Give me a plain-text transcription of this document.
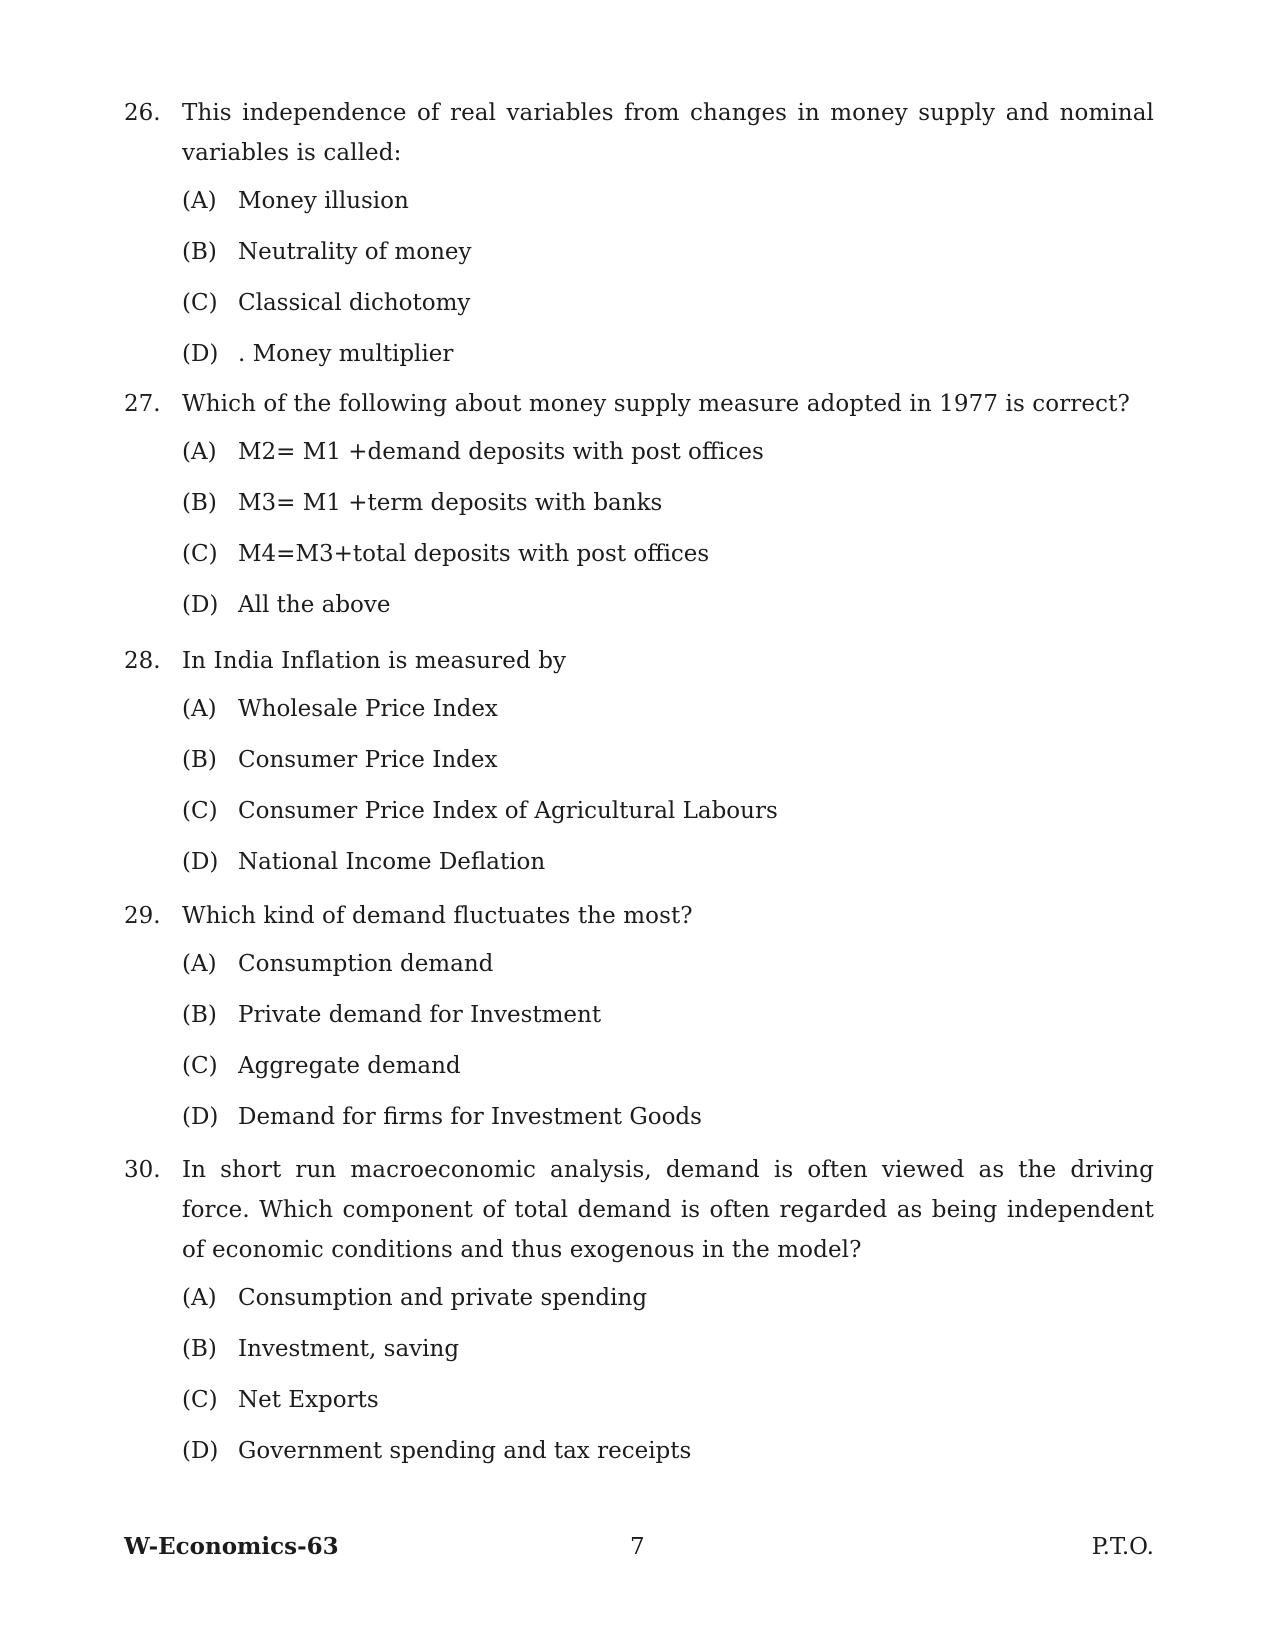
26. This independence of real variables from changes in money supply and nominal variables is called:
(A) Money illusion
(B) Neutrality of money
(C) Classical dichotomy
(D) . Money multiplier
27. Which of the following about money supply measure adopted in 1977 is correct?
(A) M2= M1 +demand deposits with post offices
(B) M3= M1 +term deposits with banks
(C) M4=M3+total deposits with post offices
(D) All the above
28. In India Inflation is measured by
(A) Wholesale Price Index
(B) Consumer Price Index
(C) Consumer Price Index of Agricultural Labours
(D) National Income Deflation
29. Which kind of demand fluctuates the most?
(A) Consumption demand
(B) Private demand for Investment
(C) Aggregate demand
(D) Demand for firms for Investment Goods
30. In short run macroeconomic analysis, demand is often viewed as the driving force. Which component of total demand is often regarded as being independent of economic conditions and thus exogenous in the model?
(A) Consumption and private spending
(B) Investment, saving
(C) Net Exports
(D) Government spending and tax receipts
W-Economics-63	7	P.T.O.
